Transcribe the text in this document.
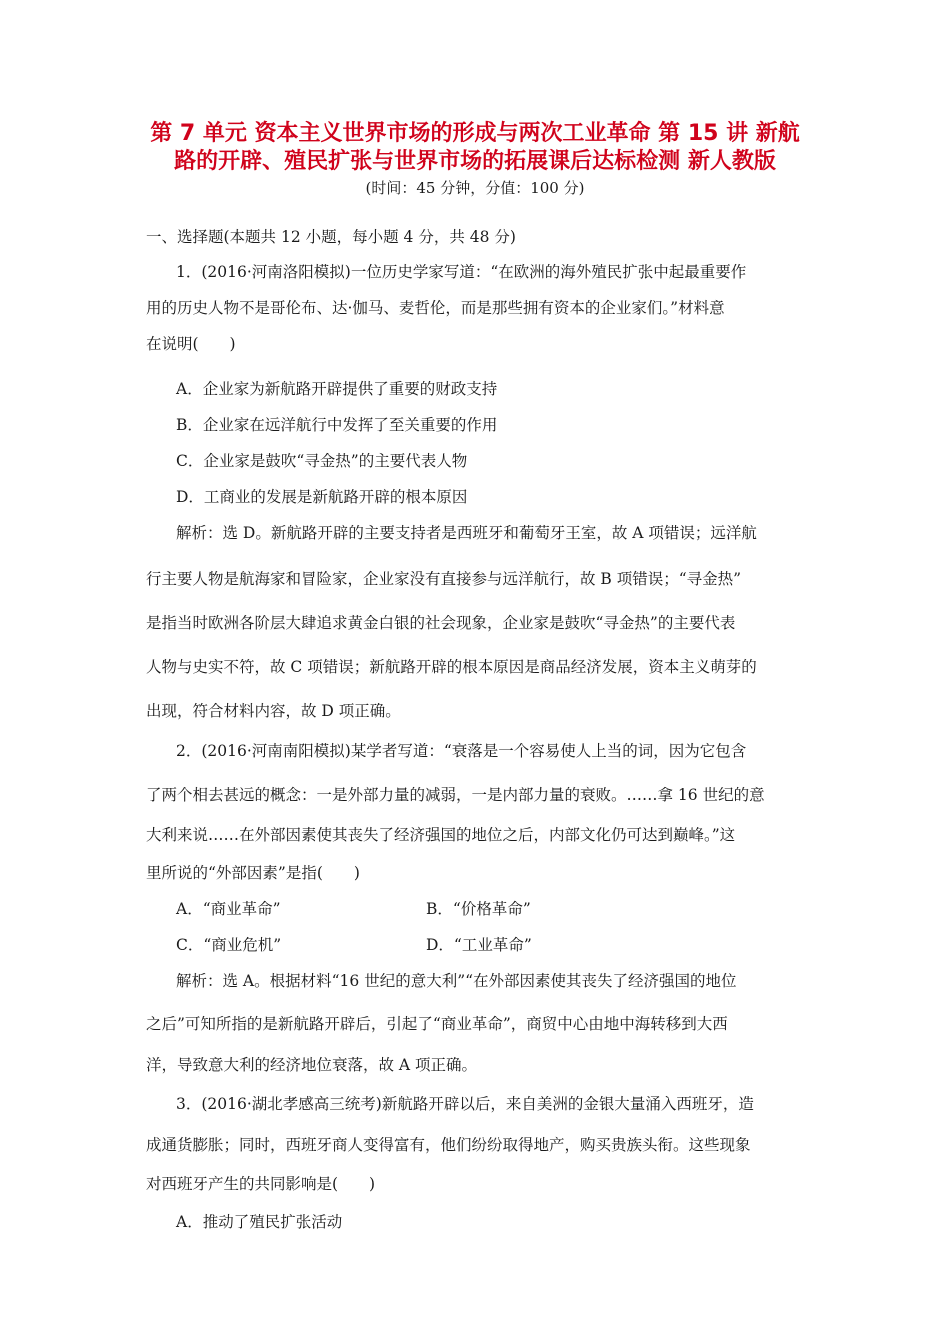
第 7 单元 资本主义世界市场的形成与两次工业革命 第 15 讲 新航
路的开辟、殖民扩张与世界市场的拓展课后达标检测 新人教版
(时间：45 分钟，分值：100 分)
一、选择题(本题共 12 小题，每小题 4 分，共 48 分)
1．(2016·河南洛阳模拟)一位历史学家写道：“在欧洲的海外殖民扩张中起最重要作
用的历史人物不是哥伦布、达·伽马、麦哲伦，而是那些拥有资本的企业家们。”材料意
在说明(　　)
A．企业家为新航路开辟提供了重要的财政支持
B．企业家在远洋航行中发挥了至关重要的作用
C．企业家是鼓吹“寻金热”的主要代表人物
D．工商业的发展是新航路开辟的根本原因
解析：选 D。新航路开辟的主要支持者是西班牙和葡萄牙王室，故 A 项错误；远洋航
行主要人物是航海家和冒险家，企业家没有直接参与远洋航行，故 B 项错误；“寻金热”
是指当时欧洲各阶层大肆追求黄金白银的社会现象，企业家是鼓吹“寻金热”的主要代表
人物与史实不符，故 C 项错误；新航路开辟的根本原因是商品经济发展，资本主义萌芽的
出现，符合材料内容，故 D 项正确。
2．(2016·河南南阳模拟)某学者写道：“衰落是一个容易使人上当的词，因为它包含
了两个相去甚远的概念：一是外部力量的减弱，一是内部力量的衰败。……拿 16 世纪的意
大利来说……在外部因素使其丧失了经济强国的地位之后，内部文化仍可达到巅峰。”这
里所说的“外部因素”是指(　　)
A．“商业革命”	B．“价格革命”
C．“商业危机”	D．“工业革命”
解析：选 A。根据材料“16 世纪的意大利”“在外部因素使其丧失了经济强国的地位
之后”可知所指的是新航路开辟后，引起了“商业革命”，商贸中心由地中海转移到大西
洋，导致意大利的经济地位衰落，故 A 项正确。
3．(2016·湖北孝感高三统考)新航路开辟以后，来自美洲的金银大量涌入西班牙，造
成通货膨胀；同时，西班牙商人变得富有，他们纷纷取得地产，购买贵族头衔。这些现象
对西班牙产生的共同影响是(　　)
A．推动了殖民扩张活动
